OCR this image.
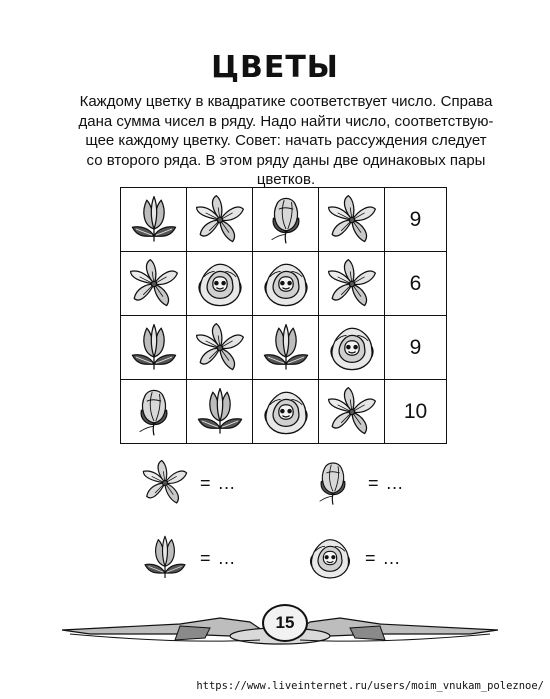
ЦВЕТЫ
Каждому цветку в квадратике соответствует число. Справа
дана сумма чисел в ряду. Надо найти число, соответствую-
щее каждому цветку. Совет: начать рассуждения следует
со второго ряда. В этом ряду даны две одинаковых пары
цветков.

	9

	6

	9

	10
= …	= …
= …	= …
15
https://www.liveinternet.ru/users/moim_vnukam_poleznoe/
